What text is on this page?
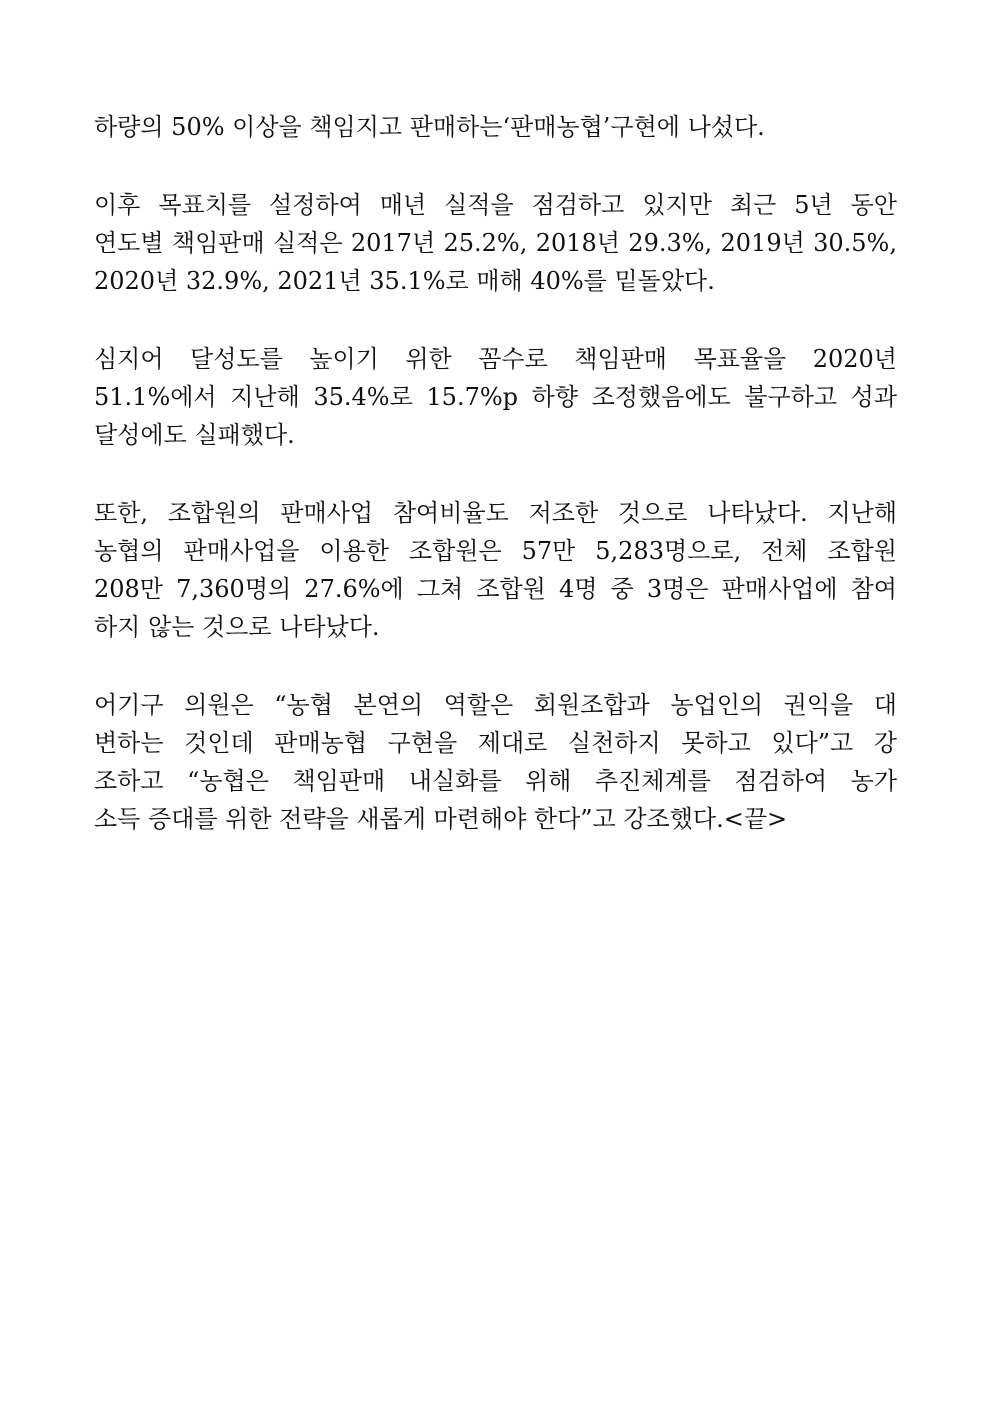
하량의 50% 이상을 책임지고 판매하는‘판매농협’구현에 나섰다.
이후 목표치를 설정하여 매년 실적을 점검하고 있지만 최근 5년 동안
연도별 책임판매 실적은 2017년 25.2%, 2018년 29.3%, 2019년 30.5%,
2020년 32.9%, 2021년 35.1%로 매해 40%를 밑돌았다.
심지어 달성도를 높이기 위한 꼼수로 책임판매 목표율을 2020년
51.1%에서 지난해 35.4%로 15.7%p 하향 조정했음에도 불구하고 성과
달성에도 실패했다.
또한, 조합원의 판매사업 참여비율도 저조한 것으로 나타났다. 지난해
농협의 판매사업을 이용한 조합원은 57만 5,283명으로, 전체 조합원
208만 7,360명의 27.6%에 그쳐 조합원 4명 중 3명은 판매사업에 참여
하지 않는 것으로 나타났다.
어기구 의원은 “농협 본연의 역할은 회원조합과 농업인의 권익을 대
변하는 것인데 판매농협 구현을 제대로 실천하지 못하고 있다”고 강
조하고 “농협은 책임판매 내실화를 위해 추진체계를 점검하여 농가
소득 증대를 위한 전략을 새롭게 마련해야 한다”고 강조했다.<끝>
